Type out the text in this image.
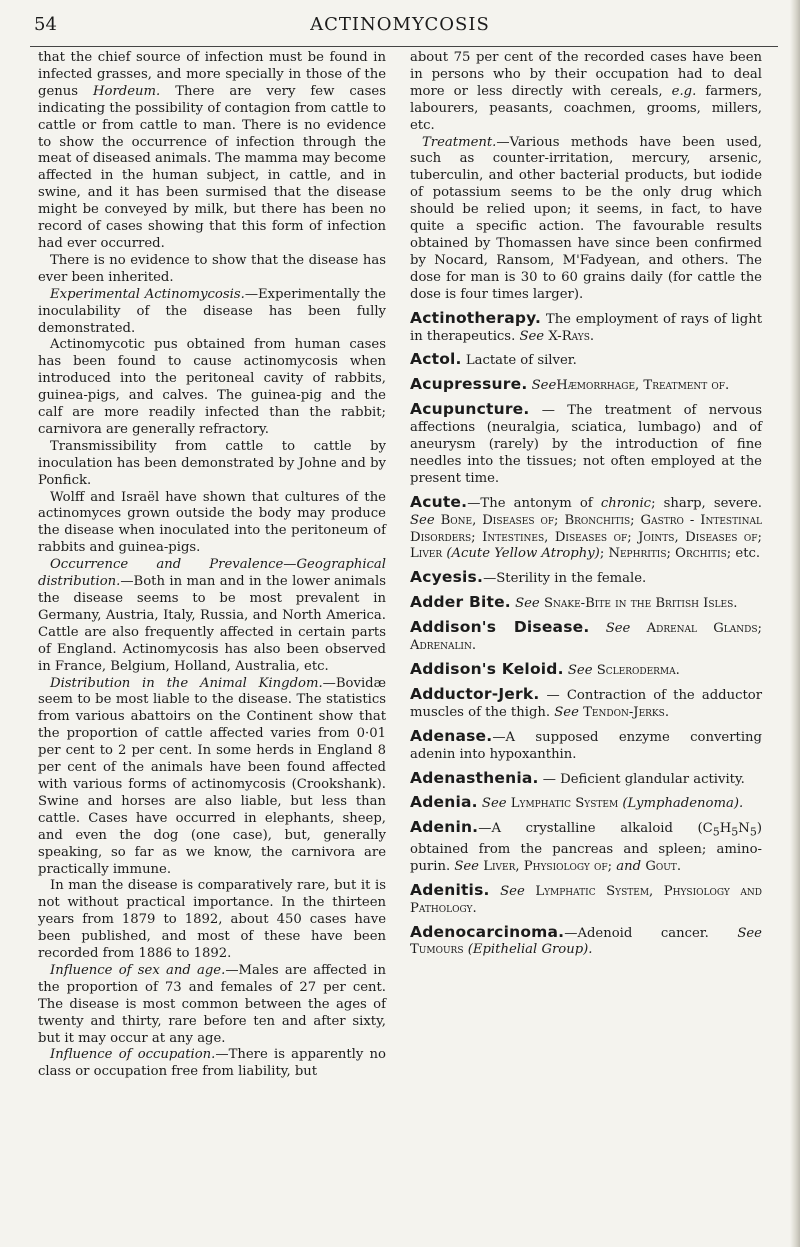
54	ACTINOMYCOSIS

that the chief source of infection must be found in infected grasses, and more specially in those of the genus Hordeum. There are very few cases indicating the possibility of contagion from cattle to cattle or from cattle to man. There is no evidence to show the occurrence of infection through the meat of diseased animals. The mamma may become affected in the human subject, in cattle, and in swine, and it has been surmised that the disease might be conveyed by milk, but there has been no record of cases showing that this form of infection had ever occurred.

There is no evidence to show that the disease has ever been inherited.

Experimental Actinomycosis.—Experimentally the inoculability of the disease has been fully demonstrated.

Actinomycotic pus obtained from human cases has been found to cause actinomycosis when introduced into the peritoneal cavity of rabbits, guinea-pigs, and calves. The guinea-pig and the calf are more readily infected than the rabbit; carnivora are generally refractory.

Transmissibility from cattle to cattle by inoculation has been demonstrated by Johne and by Ponfick.

Wolff and Israël have shown that cultures of the actinomyces grown outside the body may produce the disease when inoculated into the peritoneum of rabbits and guinea-pigs.

Occurrence and Prevalence—Geographical distribution.—Both in man and in the lower animals the disease seems to be most prevalent in Germany, Austria, Italy, Russia, and North America. Cattle are also frequently affected in certain parts of England. Actinomycosis has also been observed in France, Belgium, Holland, Australia, etc.

Distribution in the Animal Kingdom.—Bovidæ seem to be most liable to the disease. The statistics from various abattoirs on the Continent show that the proportion of cattle affected varies from 0·01 per cent to 2 per cent. In some herds in England 8 per cent of the animals have been found affected with various forms of actinomycosis (Crookshank). Swine and horses are also liable, but less than cattle. Cases have occurred in elephants, sheep, and even the dog (one case), but, generally speaking, so far as we know, the carnivora are practically immune.

In man the disease is comparatively rare, but it is not without practical importance. In the thirteen years from 1879 to 1892, about 450 cases have been published, and most of these have been recorded from 1886 to 1892.

Influence of sex and age.—Males are affected in the proportion of 73 and females of 27 per cent. The disease is most common between the ages of twenty and thirty, rare before ten and after sixty, but it may occur at any age.

Influence of occupation.—There is apparently no class or occupation free from liability, but

about 75 per cent of the recorded cases have been in persons who by their occupation had to deal more or less directly with cereals, e.g. farmers, labourers, peasants, coachmen, grooms, millers, etc.

Treatment.—Various methods have been used, such as counter-irritation, mercury, arsenic, tuberculin, and other bacterial products, but iodide of potassium seems to be the only drug which should be relied upon; it seems, in fact, to have quite a specific action. The favourable results obtained by Thomassen have since been confirmed by Nocard, Ransom, M'Fadyean, and others. The dose for man is 30 to 60 grains daily (for cattle the dose is four times larger).

Actinotherapy. The employment of rays of light in therapeutics. See X-Rays.

Actol. Lactate of silver.

Acupressure. SeeHæmorrhage, Treatment of.

Acupuncture. — The treatment of nervous affections (neuralgia, sciatica, lumbago) and of aneurysm (rarely) by the introduction of fine needles into the tissues; not often employed at the present time.

Acute.—The antonym of chronic; sharp, severe. See Bone, Diseases of; Bronchitis; Gastro - Intestinal Disorders; Intestines, Diseases of; Joints, Diseases of; Liver (Acute Yellow Atrophy); Nephritis; Orchitis; etc.

Acyesis.—Sterility in the female.

Adder Bite. See Snake-Bite in the British Isles.

Addison's Disease. See Adrenal Glands; Adrenalin.

Addison's Keloid. See Scleroderma.

Adductor-Jerk. — Contraction of the adductor muscles of the thigh. See Tendon-Jerks.

Adenase.—A supposed enzyme converting adenin into hypoxanthin.

Adenasthenia. — Deficient glandular activity.

Adenia. See Lymphatic System (Lymphadenoma).

Adenin.—A crystalline alkaloid $(C_5H_5N_5)$ obtained from the pancreas and spleen; amino-purin. See Liver, Physiology of; and Gout.

Adenitis. See Lymphatic System, Physiology and Pathology.

Adenocarcinoma.—Adenoid cancer. See Tumours (Epithelial Group).
